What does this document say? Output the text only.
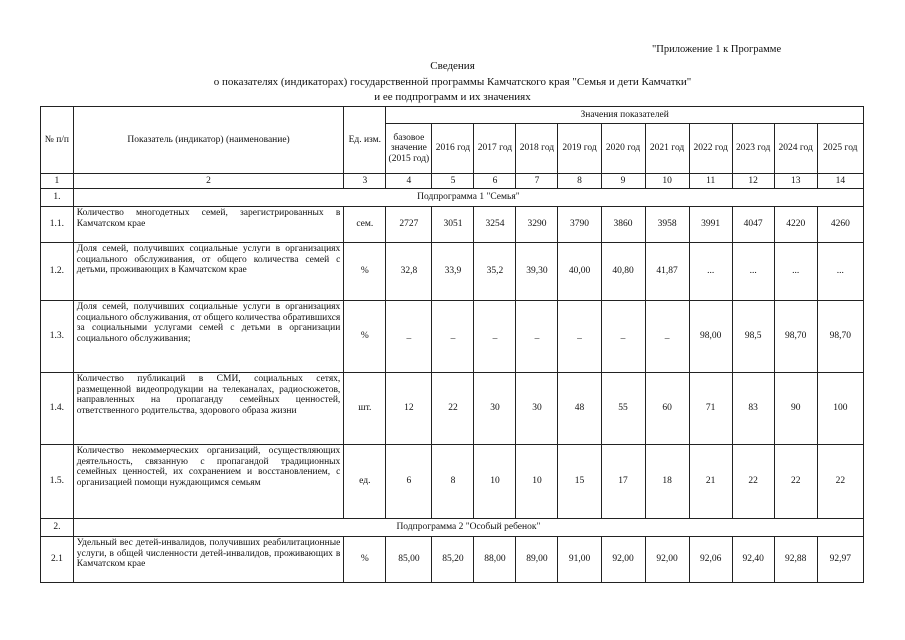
"Приложение 1 к Программе
Сведения
о показателях (индикаторах) государственной программы Камчатского края "Семья и дети Камчатки"
и ее подпрограмм и их значениях
№ п/п	Показатель (индикатор) (наименование)	Ед. изм.	Значения показателей										
			базовое значение (2015 год)	2016 год	2017 год	2018 год	2019 год	2020 год	2021 год	2022 год	2023 год	2024 год	2025 год
1	2	3	4	5	6	7	8	9	10	11	12	13	14
1.	Подпрограмма 1 "Семья"												
1.1.	Количество многодетных семей, зарегистрированных в Камчатском крае	сем.	2727	3051	3254	3290	3790	3860	3958	3991	4047	4220	4260
1.2.	Доля семей, получивших социальные услуги в организациях социального обслуживания, от общего количества семей с детьми, проживающих в Камчатском крае	%	32,8	33,9	35,2	39,30	40,00	40,80	41,87	...	...	...	...
1.3.	Доля семей, получивших социальные услуги в организациях социального обслуживания, от общего количества обратившихся за социальными услугами семей с детьми в организации социального обслуживания;	%	_	_	_	_	_	_	_	98,00	98,5	98,70	98,70
1.4.	Количество публикаций в СМИ, социальных сетях, размещенной видеопродукции на телеканалах, радиосюжетов, направленных на пропаганду семейных ценностей, ответственного родительства, здорового образа жизни	шт.	12	22	30	30	48	55	60	71	83	90	100
1.5.	Количество некоммерческих организаций, осуществляющих деятельность, связанную с пропагандой традиционных семейных ценностей, их сохранением и восстановлением, с организацией помощи нуждающимся семьям	ед.	6	8	10	10	15	17	18	21	22	22	22
2.	Подпрограмма 2 "Особый ребенок"												
2.1	Удельный вес детей-инвалидов, получивших реабилитационные услуги, в общей численности детей-инвалидов, проживающих в Камчатском крае	%	85,00	85,20	88,00	89,00	91,00	92,00	92,00	92,06	92,40	92,88	92,97
